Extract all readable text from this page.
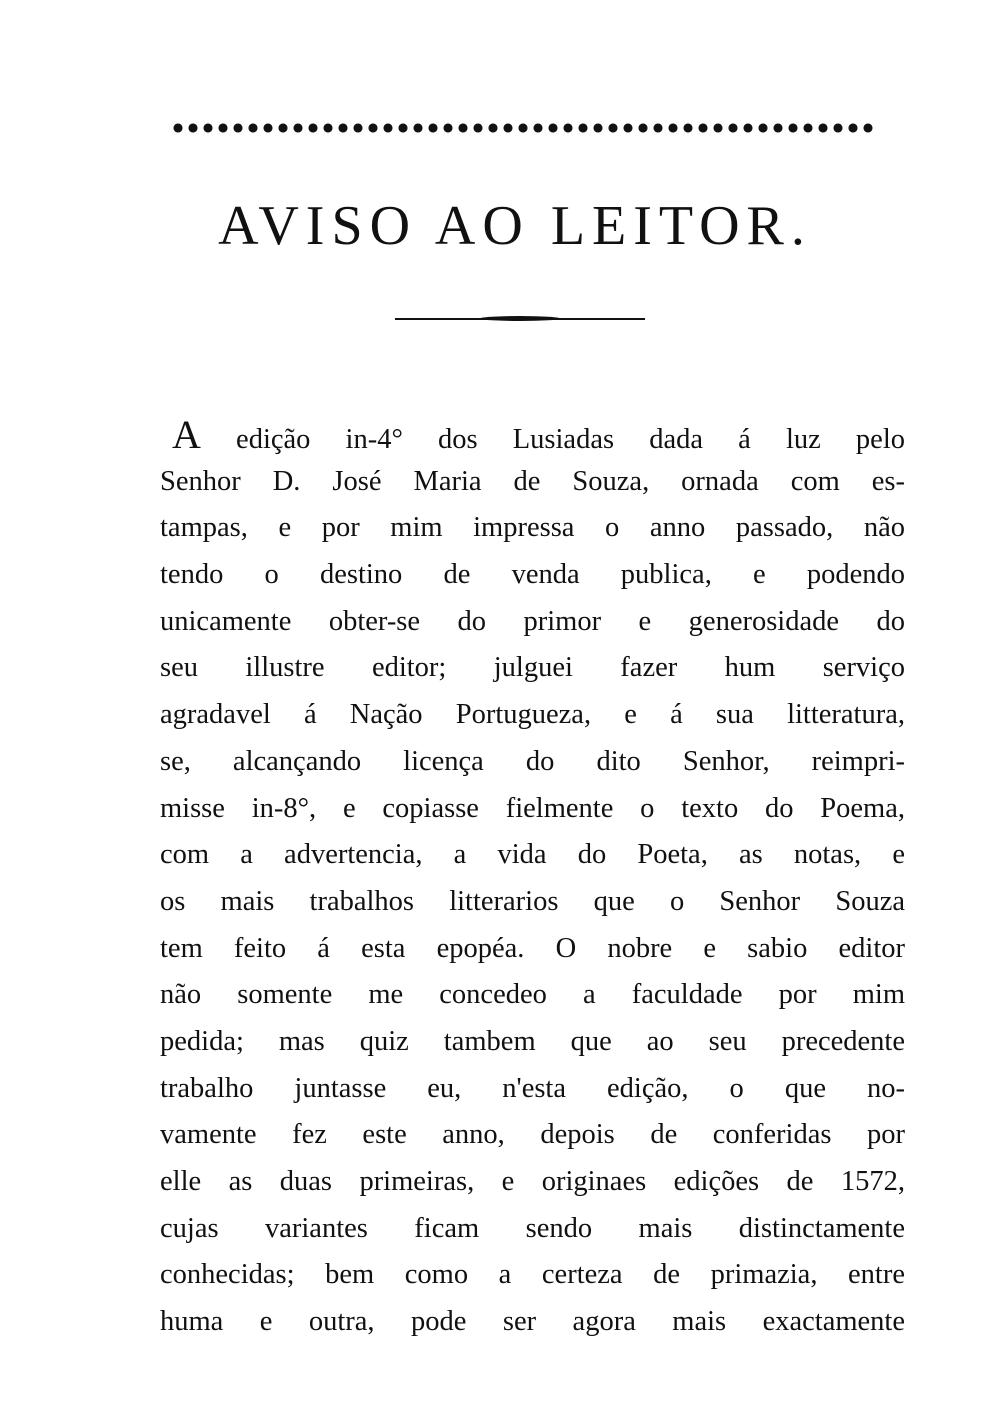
AVISO AO LEITOR.
A edição in-4° dos Lusiadas dada á luz pelo
Senhor D. José Maria de Souza, ornada com es-
tampas, e por mim impressa o anno passado, não
tendo o destino de venda publica, e podendo
unicamente obter-se do primor e generosidade do
seu illustre editor; julguei fazer hum serviço
agradavel á Nação Portugueza, e á sua litteratura,
se, alcançando licença do dito Senhor, reimpri-
misse in-8°, e copiasse fielmente o texto do Poema,
com a advertencia, a vida do Poeta, as notas, e
os mais trabalhos litterarios que o Senhor Souza
tem feito á esta epopéa. O nobre e sabio editor
não somente me concedeo a faculdade por mim
pedida; mas quiz tambem que ao seu precedente
trabalho juntasse eu, n'esta edição, o que no-
vamente fez este anno, depois de conferidas por
elle as duas primeiras, e originaes edições de 1572,
cujas variantes ficam sendo mais distinctamente
conhecidas; bem como a certeza de primazia, entre
huma e outra, pode ser agora mais exactamente
